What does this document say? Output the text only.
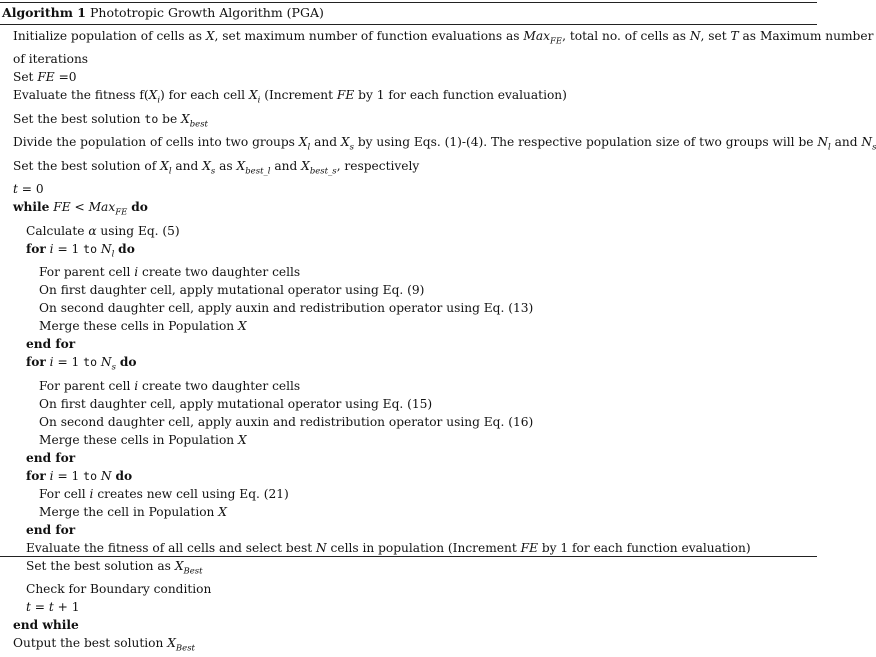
Algorithm 1 Phototropic Growth Algorithm (PGA)
Initialize population of cells as X, set maximum number of function evaluations as Max$_{FE}$, total no. of cells as N, set T as Maximum number
of iterations
Set FE =0
Evaluate the fitness $f(X_i)$ for each cell $X_i$ (Increment FE by 1 for each function evaluation)
Set the best solution to be $X_{best}$
Divide the population of cells into two groups $X_l$ and $X_s$ by using Eqs. (1)-(4). The respective population size of two groups will be $N_l$ and N
Set the best solution of $X_l$ and $X_s$ as $X_{best\_l}$ and $X_{best\_s}$, respectively
t = 0
while FE < Max$_{FE}$ do
Calculate α using Eq. (5)
for i = 1 to $N_l$ do
For parent cell i create two daughter cells
On first daughter cell, apply mutational operator using Eq. (9)
On second daughter cell, apply auxin and redistribution operator using Eq. (13)
Merge these cells in Population X
end for
for i = 1 to $N_s$ do
For parent cell i create two daughter cells
On first daughter cell, apply mutational operator using Eq. (15)
On second daughter cell, apply auxin and redistribution operator using Eq. (16)
Merge these cells in Population X
end for
for i = 1 to N do
For cell i creates new cell using Eq. (21)
Merge the cell in Population X
end for
Evaluate the fitness of all cells and select best N cells in population (Increment FE by 1 for each function evaluation)
Set the best solution as $X_{Best}$
Check for Boundary condition
t = t + 1
end while
Output the best solution $X_{Best}$
